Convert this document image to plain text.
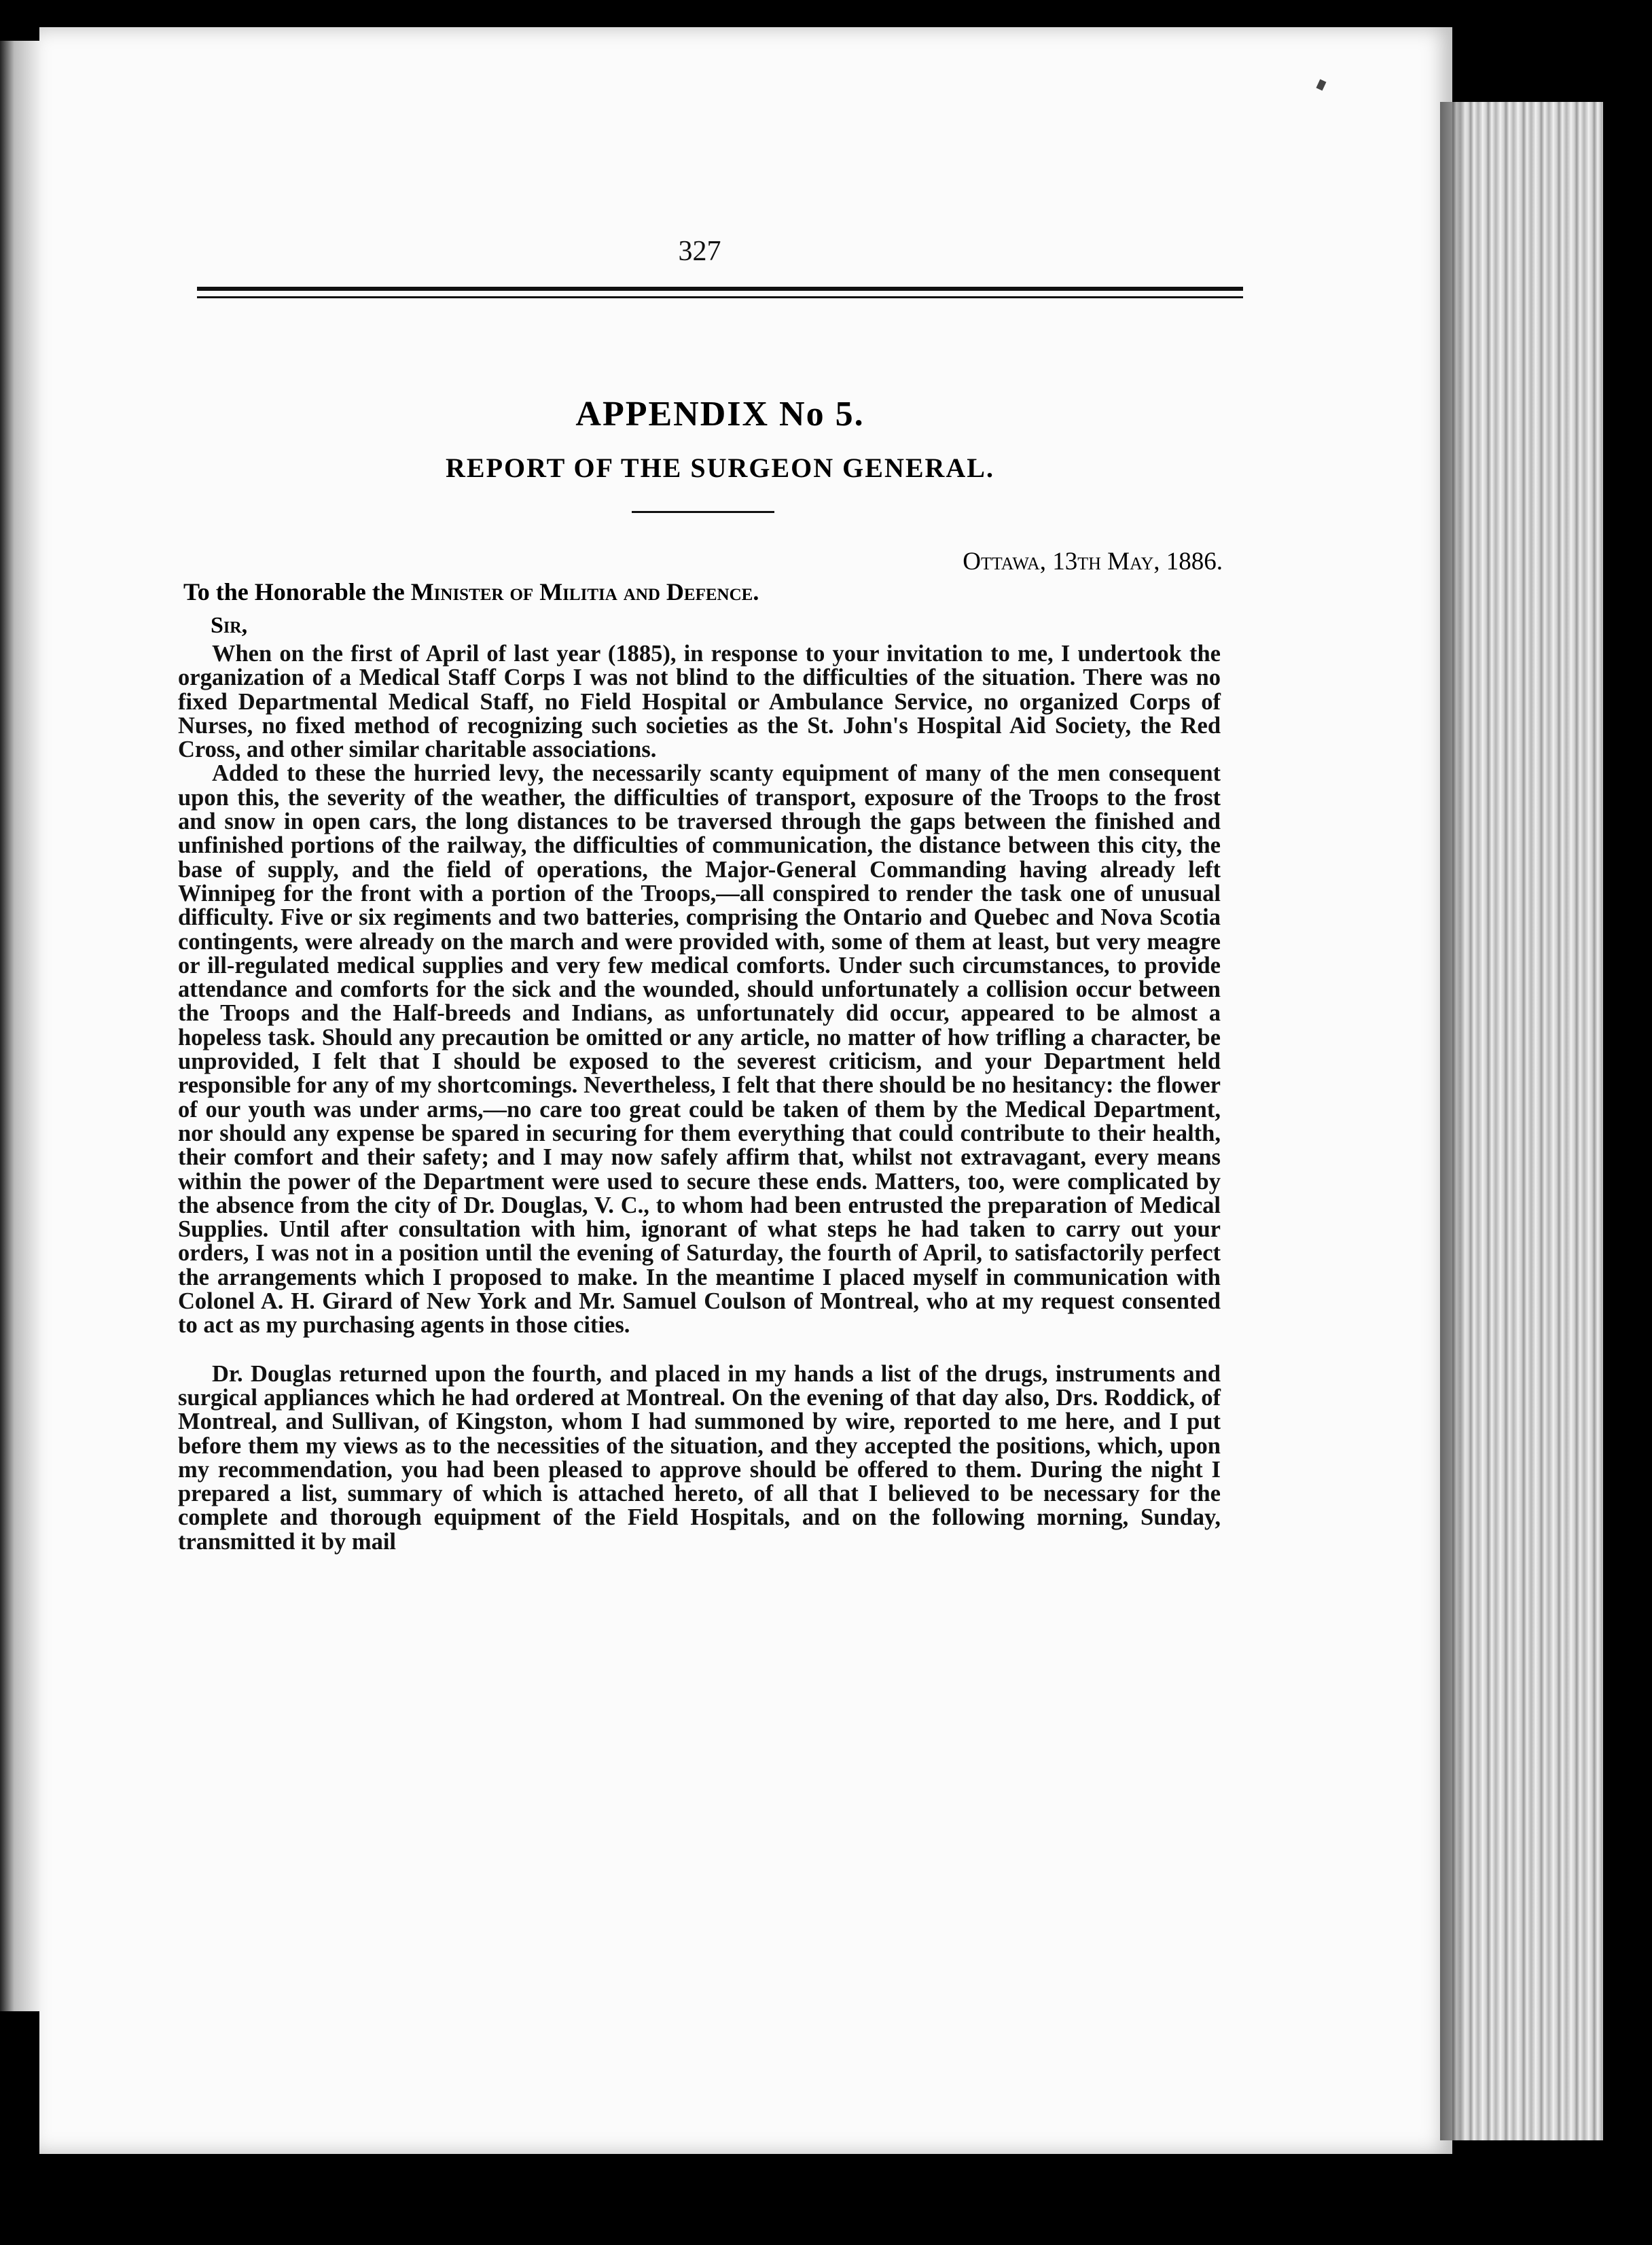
327

APPENDIX No 5.
REPORT OF THE SURGEON GENERAL.

Ottawa, 13th May, 1886.

To the Honorable the Minister of Militia and Defence.

Sir,

When on the first of April of last year (1885), in response to your invitation to me, I undertook the organization of a Medical Staff Corps I was not blind to the difficulties of the situation. There was no fixed Departmental Medical Staff, no Field Hospital or Ambulance Service, no organized Corps of Nurses, no fixed method of recognizing such societies as the St. John's Hospital Aid Society, the Red Cross, and other similar charitable associations.

Added to these the hurried levy, the necessarily scanty equipment of many of the men consequent upon this, the severity of the weather, the difficulties of transport, exposure of the Troops to the frost and snow in open cars, the long distances to be traversed through the gaps between the finished and unfinished portions of the railway, the difficulties of communication, the distance between this city, the base of supply, and the field of operations, the Major-General Commanding having already left Winnipeg for the front with a portion of the Troops,—all conspired to render the task one of unusual difficulty. Five or six regiments and two batteries, comprising the Ontario and Quebec and Nova Scotia contingents, were already on the march and were provided with, some of them at least, but very meagre or ill-regulated medical supplies and very few medical comforts. Under such circumstances, to provide attendance and comforts for the sick and the wounded, should unfortunately a collision occur between the Troops and the Half-breeds and Indians, as unfortunately did occur, appeared to be almost a hopeless task. Should any precaution be omitted or any article, no matter of how trifling a character, be unprovided, I felt that I should be exposed to the severest criticism, and your Department held responsible for any of my shortcomings. Nevertheless, I felt that there should be no hesitancy: the flower of our youth was under arms,—no care too great could be taken of them by the Medical Department, nor should any expense be spared in securing for them everything that could contribute to their health, their comfort and their safety; and I may now safely affirm that, whilst not extravagant, every means within the power of the Department were used to secure these ends. Matters, too, were complicated by the absence from the city of Dr. Douglas, V. C., to whom had been entrusted the preparation of Medical Supplies. Until after consultation with him, ignorant of what steps he had taken to carry out your orders, I was not in a position until the evening of Saturday, the fourth of April, to satisfactorily perfect the arrangements which I proposed to make. In the meantime I placed myself in communication with Colonel A. H. Girard of New York and Mr. Samuel Coulson of Montreal, who at my request consented to act as my purchasing agents in those cities.

Dr. Douglas returned upon the fourth, and placed in my hands a list of the drugs, instruments and surgical appliances which he had ordered at Montreal. On the evening of that day also, Drs. Roddick, of Montreal, and Sullivan, of Kingston, whom I had summoned by wire, reported to me here, and I put before them my views as to the necessities of the situation, and they accepted the positions, which, upon my recommendation, you had been pleased to approve should be offered to them. During the night I prepared a list, summary of which is attached hereto, of all that I believed to be necessary for the complete and thorough equipment of the Field Hospitals, and on the following morning, Sunday, transmitted it by mail
